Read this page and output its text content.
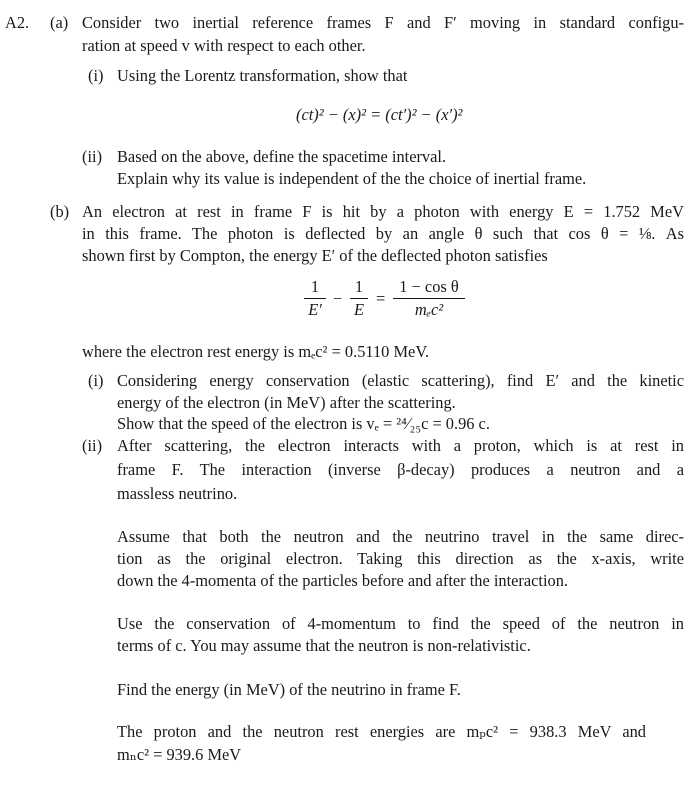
A2. (a) Consider two inertial reference frames F and F′ moving in standard configu-
ration at speed v with respect to each other.
(i) Using the Lorentz transformation, show that
(ct)² − (x)² = (ct′)² − (x′)²
(ii) Based on the above, define the spacetime interval.
Explain why its value is independent of the the choice of inertial frame.
(b) An electron at rest in frame F is hit by a photon with energy E = 1.752 MeV
in this frame. The photon is deflected by an angle θ such that cos θ = ⅛. As
shown first by Compton, the energy E′ of the deflected photon satisfies
1
E′
−
1
E
=
1 − cos θ
mₑc²
where the electron rest energy is mₑc² = 0.5110 MeV.
(i) Considering energy conservation (elastic scattering), find E′ and the kinetic
energy of the electron (in MeV) after the scattering.
Show that the speed of the electron is vₑ = ²⁴⁄₂₅c = 0.96 c.
(ii) After scattering, the electron interacts with a proton, which is at rest in
frame F. The interaction (inverse β-decay) produces a neutron and a
massless neutrino.
Assume that both the neutron and the neutrino travel in the same direc-
tion as the original electron. Taking this direction as the x-axis, write
down the 4-momenta of the particles before and after the interaction.
Use the conservation of 4-momentum to find the speed of the neutron in
terms of c. You may assume that the neutron is non-relativistic.
Find the energy (in MeV) of the neutrino in frame F.
The proton and the neutron rest energies are mₚc² = 938.3 MeV and
mₙc² = 939.6 MeV
